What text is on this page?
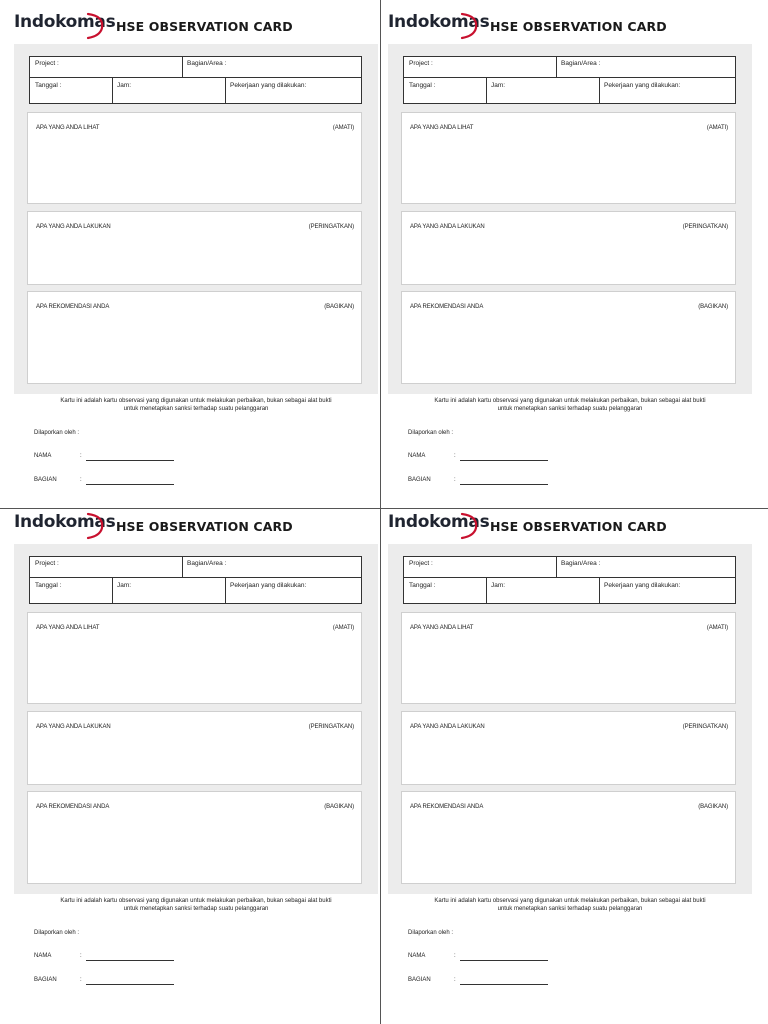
Indokomas HSE OBSERVATION CARD
Project :	Bagian/Area :
Tanggal :	Jam:	Pekerjaan yang dilakukan:
APA YANG ANDA LIHAT	(AMATI)
APA YANG ANDA LAKUKAN	(PERINGATKAN)
APA REKOMENDASI ANDA	(BAGIKAN)
Kartu ini adalah kartu observasi yang digunakan untuk melakukan perbaikan, bukan sebagai alat bukti
untuk menetapkan sanksi terhadap suatu pelanggaran
Dilaporkan oleh :
NAMA	:
BAGIAN	:
Indokomas HSE OBSERVATION CARD
Project :	Bagian/Area :
Tanggal :	Jam:	Pekerjaan yang dilakukan:
APA YANG ANDA LIHAT	(AMATI)
APA YANG ANDA LAKUKAN	(PERINGATKAN)
APA REKOMENDASI ANDA	(BAGIKAN)
Kartu ini adalah kartu observasi yang digunakan untuk melakukan perbaikan, bukan sebagai alat bukti
untuk menetapkan sanksi terhadap suatu pelanggaran
Dilaporkan oleh :
NAMA	:
BAGIAN	:
Indokomas HSE OBSERVATION CARD
Project :	Bagian/Area :
Tanggal :	Jam:	Pekerjaan yang dilakukan:
APA YANG ANDA LIHAT	(AMATI)
APA YANG ANDA LAKUKAN	(PERINGATKAN)
APA REKOMENDASI ANDA	(BAGIKAN)
Kartu ini adalah kartu observasi yang digunakan untuk melakukan perbaikan, bukan sebagai alat bukti
untuk menetapkan sanksi terhadap suatu pelanggaran
Dilaporkan oleh :
NAMA	:
BAGIAN	:
Indokomas HSE OBSERVATION CARD
Project :	Bagian/Area :
Tanggal :	Jam:	Pekerjaan yang dilakukan:
APA YANG ANDA LIHAT	(AMATI)
APA YANG ANDA LAKUKAN	(PERINGATKAN)
APA REKOMENDASI ANDA	(BAGIKAN)
Kartu ini adalah kartu observasi yang digunakan untuk melakukan perbaikan, bukan sebagai alat bukti
untuk menetapkan sanksi terhadap suatu pelanggaran
Dilaporkan oleh :
NAMA	:
BAGIAN	:
